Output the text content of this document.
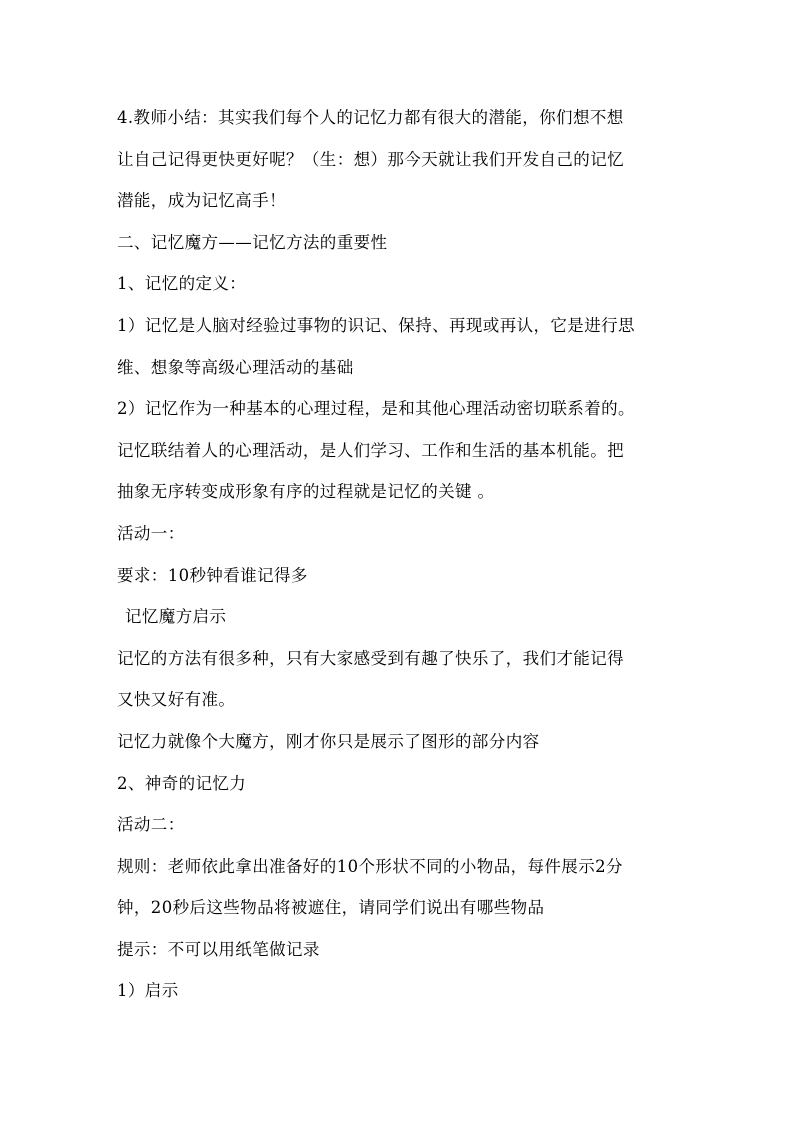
4.教师小结：其实我们每个人的记忆力都有很大的潜能，你们想不想
让自己记得更快更好呢？（生：想）那今天就让我们开发自己的记忆
潜能，成为记忆高手！
二、记忆魔方——记忆方法的重要性
1、记忆的定义：
1）记忆是人脑对经验过事物的识记、保持、再现或再认，它是进行思
维、想象等高级心理活动的基础
2）记忆作为一种基本的心理过程，是和其他心理活动密切联系着的。
记忆联结着人的心理活动，是人们学习、工作和生活的基本机能。把
抽象无序转变成形象有序的过程就是记忆的关键 。
活动一：
要求：10秒钟看谁记得多
记忆魔方启示
记忆的方法有很多种，只有大家感受到有趣了快乐了，我们才能记得
又快又好有准。
记忆力就像个大魔方，刚才你只是展示了图形的部分内容
2、神奇的记忆力
活动二：
规则：老师依此拿出准备好的10个形状不同的小物品，每件展示2分
钟，20秒后这些物品将被遮住，请同学们说出有哪些物品
提示：不可以用纸笔做记录
1）启示
